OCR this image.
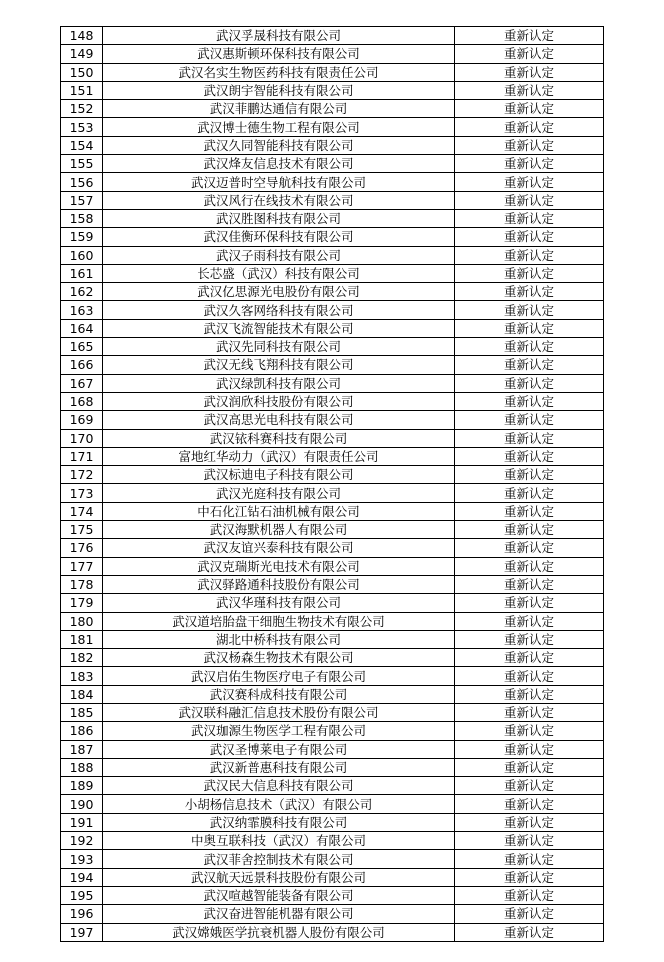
148	武汉孚晟科技有限公司	重新认定
149	武汉惠斯顿环保科技有限公司	重新认定
150	武汉名实生物医药科技有限责任公司	重新认定
151	武汉朗宇智能科技有限公司	重新认定
152	武汉菲鹏达通信有限公司	重新认定
153	武汉博士德生物工程有限公司	重新认定
154	武汉久同智能科技有限公司	重新认定
155	武汉烽友信息技术有限公司	重新认定
156	武汉迈普时空导航科技有限公司	重新认定
157	武汉风行在线技术有限公司	重新认定
158	武汉胜图科技有限公司	重新认定
159	武汉佳衡环保科技有限公司	重新认定
160	武汉子雨科技有限公司	重新认定
161	长芯盛（武汉）科技有限公司	重新认定
162	武汉亿思源光电股份有限公司	重新认定
163	武汉久客网络科技有限公司	重新认定
164	武汉飞流智能技术有限公司	重新认定
165	武汉先同科技有限公司	重新认定
166	武汉无线飞翔科技有限公司	重新认定
167	武汉绿凯科技有限公司	重新认定
168	武汉润欣科技股份有限公司	重新认定
169	武汉高思光电科技有限公司	重新认定
170	武汉铱科赛科技有限公司	重新认定
171	富地红华动力（武汉）有限责任公司	重新认定
172	武汉标迪电子科技有限公司	重新认定
173	武汉光庭科技有限公司	重新认定
174	中石化江钻石油机械有限公司	重新认定
175	武汉海默机器人有限公司	重新认定
176	武汉友谊兴泰科技有限公司	重新认定
177	武汉克瑞斯光电技术有限公司	重新认定
178	武汉驿路通科技股份有限公司	重新认定
179	武汉华瑾科技有限公司	重新认定
180	武汉道培胎盘干细胞生物技术有限公司	重新认定
181	湖北中桥科技有限公司	重新认定
182	武汉杨森生物技术有限公司	重新认定
183	武汉启佑生物医疗电子有限公司	重新认定
184	武汉赛科成科技有限公司	重新认定
185	武汉联科融汇信息技术股份有限公司	重新认定
186	武汉珈源生物医学工程有限公司	重新认定
187	武汉圣博莱电子有限公司	重新认定
188	武汉新普惠科技有限公司	重新认定
189	武汉民大信息科技有限公司	重新认定
190	小胡杨信息技术（武汉）有限公司	重新认定
191	武汉纳霏膜科技有限公司	重新认定
192	中奥互联科技（武汉）有限公司	重新认定
193	武汉菲舍控制技术有限公司	重新认定
194	武汉航天远景科技股份有限公司	重新认定
195	武汉喧越智能装备有限公司	重新认定
196	武汉奋进智能机器有限公司	重新认定
197	武汉嫦娥医学抗衰机器人股份有限公司	重新认定
